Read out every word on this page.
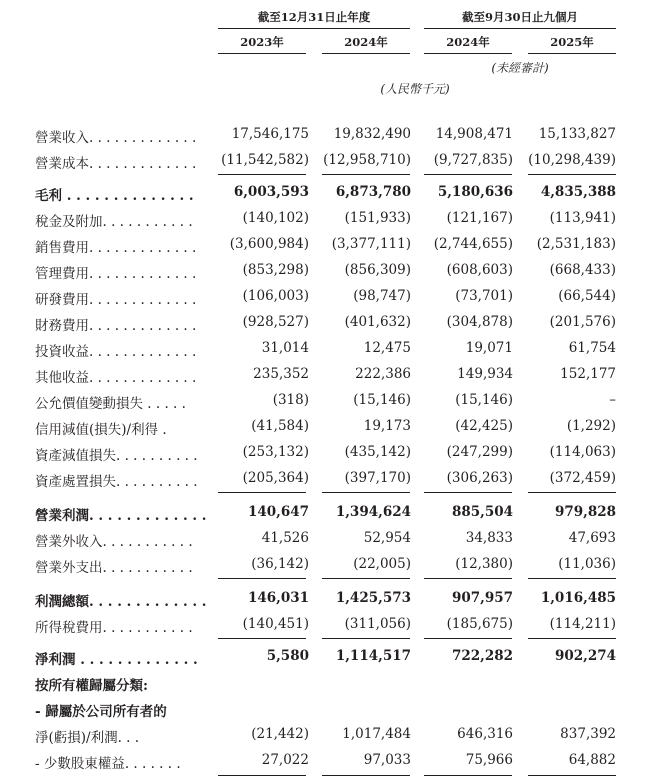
截至12月31日止年度	截至9月30日止九個月
2023年	2024年	2024年	2025年
(未經審計)
(人民幣千元)
營業收入. . . . . . . . . . . . .	17,546,175 19,832,490 14,908,471 15,133,827
營業成本. . . . . . . . . . . . . (11,542,582) (12,958,710) (9,727,835) (10,298,439)
毛利 . . . . . . . . . . . . . .	6,003,593 6,873,780 5,180,636 4,835,388
稅金及附加. . . . . . . . . . .	(140,102)	(151,933)	(121,167)	(113,941)
銷售費用. . . . . . . . . . . . . (3,600,984) (3,377,111) (2,744,655) (2,531,183)
管理費用. . . . . . . . . . . . .	(853,298)	(856,309)	(608,603)	(668,433)
研發費用. . . . . . . . . . . . .	(106,003)	(98,747)	(73,701)	(66,544)
財務費用. . . . . . . . . . . . .	(928,527)	(401,632)	(304,878)	(201,576)
投資收益. . . . . . . . . . . . .	31,014	12,475	19,071	61,754
其他收益. . . . . . . . . . . . .	235,352	222,386	149,934	152,177
公允價值變動損失 . . . . .	(318)	(15,146)	(15,146)	–
信用減值(損失)/利得 .	(41,584)	19,173	(42,425)	(1,292)
資產減值損失. . . . . . . . . .	(253,132)	(435,142)	(247,299)	(114,063)
資產處置損失. . . . . . . . . .	(205,364)	(397,170)	(306,263)	(372,459)
營業利潤. . . . . . . . . . . . .	140,647 1,394,624	885,504	979,828
營業外收入. . . . . . . . . . .	41,526	52,954	34,833	47,693
營業外支出. . . . . . . . . . .	(36,142)	(22,005)	(12,380)	(11,036)
利潤總額. . . . . . . . . . . . .	146,031 1,425,573	907,957 1,016,485
所得稅費用. . . . . . . . . . .	(140,451)	(311,056)	(185,675)	(114,211)
淨利潤 . . . . . . . . . . . . .	5,580 1,114,517	722,282	902,274
按所有權歸屬分類:
- 歸屬於公司所有者的
淨(虧損)/利潤. . .	(21,442) 1,017,484	646,316	837,392
- 少數股東權益. . . . . . .	27,022	97,033	75,966	64,882
